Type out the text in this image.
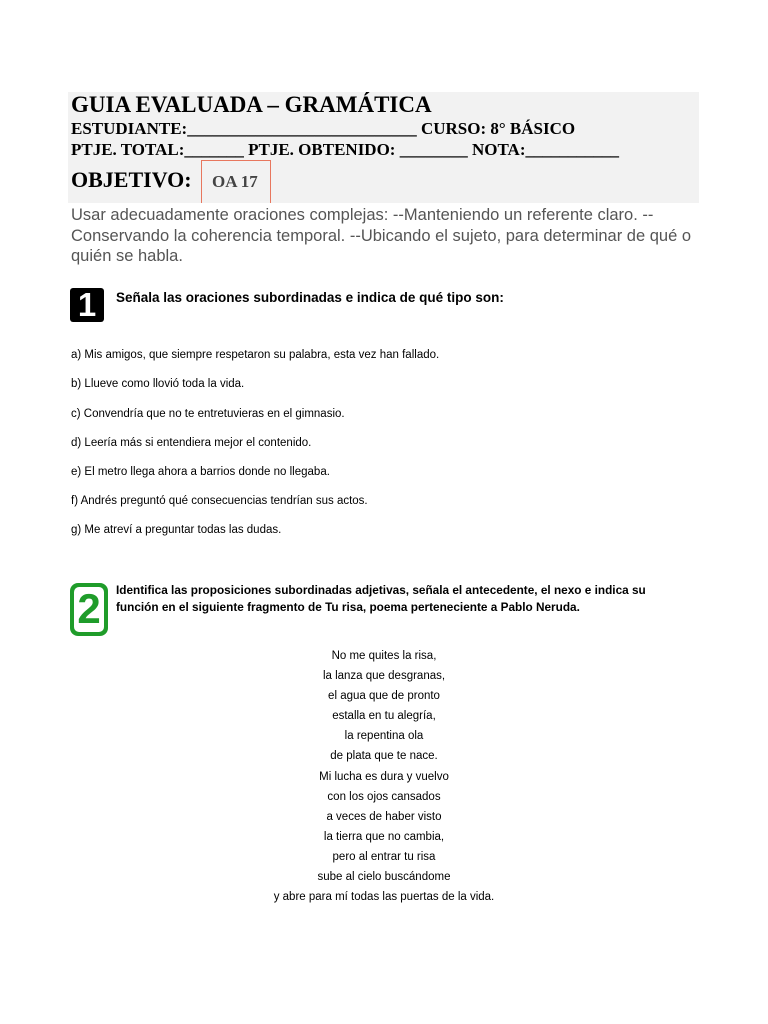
GUIA EVALUADA – GRAMÁTICA
ESTUDIANTE:___________________________ CURSO: 8° BÁSICO
PTJE. TOTAL:_______ PTJE. OBTENIDO: ________ NOTA:___________
OBJETIVO: OA 17
Usar adecuadamente oraciones complejas: --Manteniendo un referente claro. --Conservando la coherencia temporal. --Ubicando el sujeto, para determinar de qué o quién se habla.
1	Señala las oraciones subordinadas e indica de qué tipo son:
a) Mis amigos, que siempre respetaron su palabra, esta vez han fallado.
b) Llueve como llovió toda la vida.
c) Convendría que no te entretuvieras en el gimnasio.
d) Leería más si entendiera mejor el contenido.
e) El metro llega ahora a barrios donde no llegaba.
f) Andrés preguntó qué consecuencias tendrían sus actos.
g) Me atreví a preguntar todas las dudas.
2	Identifica las proposiciones subordinadas adjetivas, señala el antecedente, el nexo e indica su función en el siguiente fragmento de Tu risa, poema perteneciente a Pablo Neruda.
No me quites la risa,
la lanza que desgranas,
el agua que de pronto
estalla en tu alegría,
la repentina ola
de plata que te nace.
Mi lucha es dura y vuelvo
con los ojos cansados
a veces de haber visto
la tierra que no cambia,
pero al entrar tu risa
sube al cielo buscándome
y abre para mí todas las puertas de la vida.
